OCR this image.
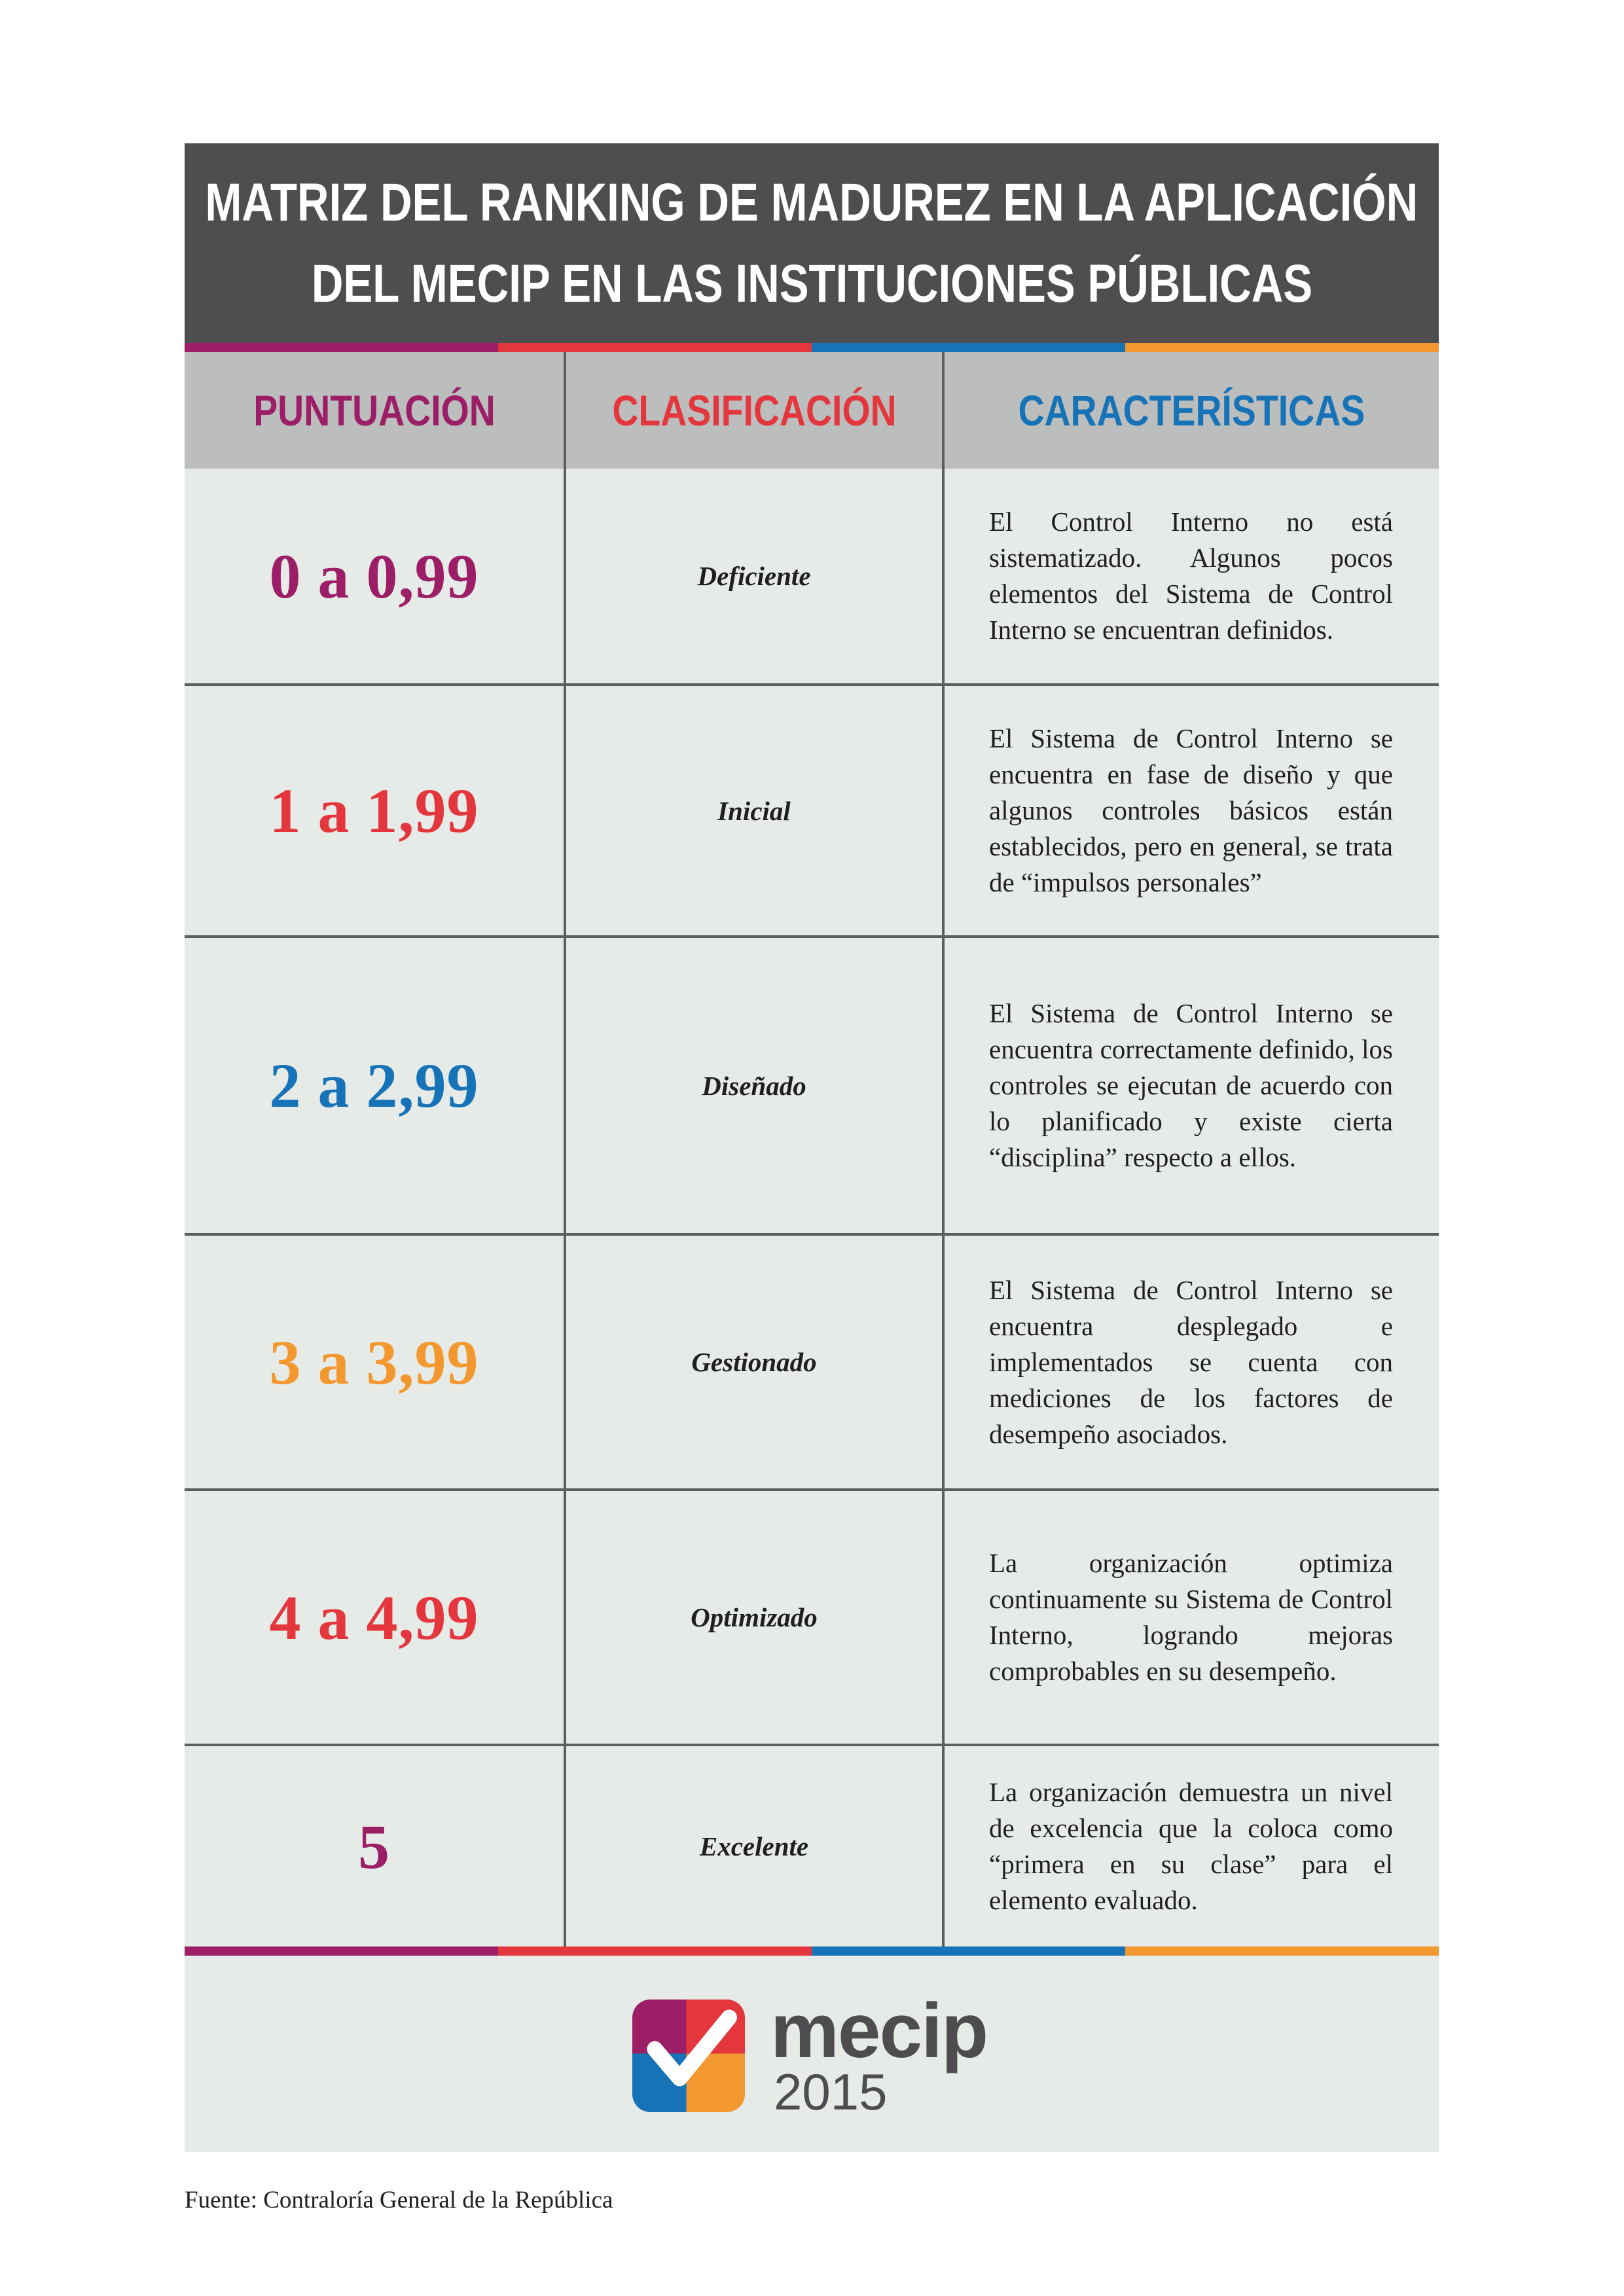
MATRIZ DEL RANKING DE MADUREZ EN LA APLICACIÓN
DEL MECIP EN LAS INSTITUCIONES PÚBLICAS
PUNTUACIÓN	CLASIFICACIÓN	CARACTERÍSTICAS
0 a 0,99	Deficiente	El Control Interno no está sistematizado. Algunos pocos elementos del Sistema de Control Interno se encuentran definidos.
1 a 1,99	Inicial	El Sistema de Control Interno se encuentra en fase de diseño y que algunos controles básicos están establecidos, pero en general, se trata de “impulsos personales”
2 a 2,99	Diseñado	El Sistema de Control Interno se encuentra correctamente definido, los controles se ejecutan de acuerdo con lo planificado y existe cierta “disciplina” respecto a ellos.
3 a 3,99	Gestionado	El Sistema de Control Interno se encuentra desplegado e implementados se cuenta con mediciones de los factores de desempeño asociados.
4 a 4,99	Optimizado	La organización optimiza continuamente su Sistema de Control Interno, logrando mejoras comprobables en su desempeño.
5	Excelente	La organización demuestra un nivel de excelencia que la coloca como “primera en su clase” para el elemento evaluado.
mecip
2015
Fuente: Contraloría General de la República
